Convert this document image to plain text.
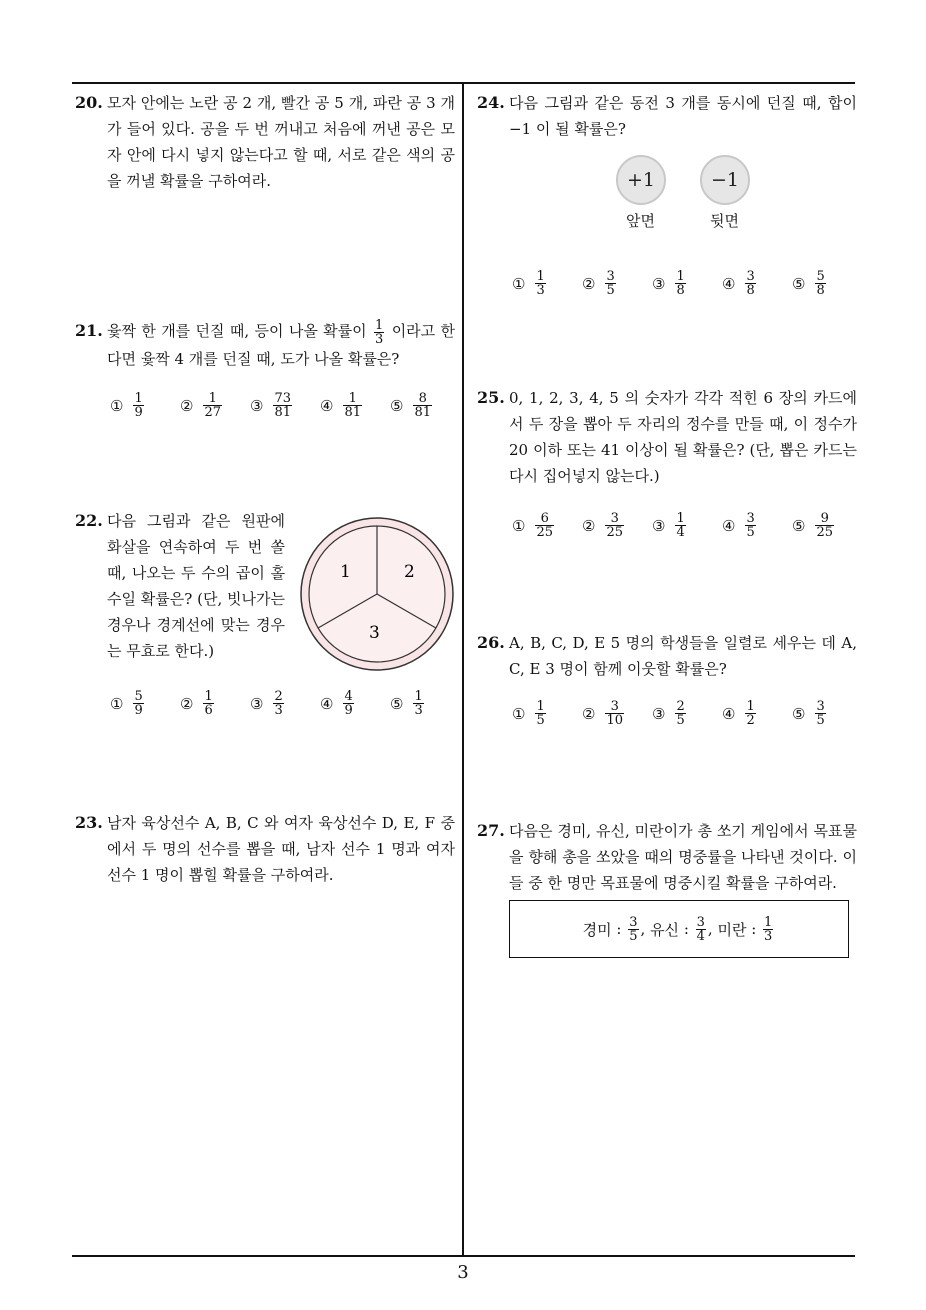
20. 모자 안에는 노란 공 2 개, 빨간 공 5 개, 파란 공 3 개가 들어 있다. 공을 두 번 꺼내고 처음에 꺼낸 공은 모자 안에 다시 넣지 않는다고 할 때, 서로 같은 색의 공을 꺼낼 확률을 구하여라.
21. 윷짝 한 개를 던질 때, 등이 나올 확률이 $\frac{1}{3}$ 이라고 한다면 윷짝 4 개를 던질 때, 도가 나올 확률은?
① $\frac{1}{9}$ ② $\frac{1}{27}$ ③ $\frac{73}{81}$ ④ $\frac{1}{81}$ ⑤ $\frac{8}{81}$
22. 다음 그림과 같은 원판에 화살을 연속하여 두 번 쏠 때, 나오는 두 수의 곱이 홀수일 확률은? (단, 빗나가는 경우나 경계선에 맞는 경우는 무효로 한다.)
1	2
3
① $\frac{5}{9}$ ② $\frac{1}{6}$ ③ $\frac{2}{3}$ ④ $\frac{4}{9}$ ⑤ $\frac{1}{3}$
23. 남자 육상선수 A, B, C 와 여자 육상선수 D, E, F 중에서 두 명의 선수를 뽑을 때, 남자 선수 1 명과 여자 선수 1 명이 뽑힐 확률을 구하여라.
24. 다음 그림과 같은 동전 3 개를 동시에 던질 때, 합이 −1 이 될 확률은?
+1	−1
앞면	뒷면
① $\frac{1}{3}$ ② $\frac{3}{5}$ ③ $\frac{1}{8}$ ④ $\frac{3}{8}$ ⑤ $\frac{5}{8}$
25. 0, 1, 2, 3, 4, 5 의 숫자가 각각 적힌 6 장의 카드에서 두 장을 뽑아 두 자리의 정수를 만들 때, 이 정수가 20 이하 또는 41 이상이 될 확률은? (단, 뽑은 카드는 다시 집어넣지 않는다.)
① $\frac{6}{25}$ ② $\frac{3}{25}$ ③ $\frac{1}{4}$ ④ $\frac{3}{5}$ ⑤ $\frac{9}{25}$
26. A, B, C, D, E 5 명의 학생들을 일렬로 세우는 데 A, C, E 3 명이 함께 이웃할 확률은?
① $\frac{1}{5}$ ② $\frac{3}{10}$ ③ $\frac{2}{5}$ ④ $\frac{1}{2}$ ⑤ $\frac{3}{5}$
27. 다음은 경미, 유신, 미란이가 총 쏘기 게임에서 목표물을 향해 총을 쏘았을 때의 명중률을 나타낸 것이다. 이들 중 한 명만 목표물에 명중시킬 확률을 구하여라.
경미 : $\frac{3}{5}$ , 유신 : $\frac{3}{4}$ , 미란 : $\frac{1}{3}$
3
